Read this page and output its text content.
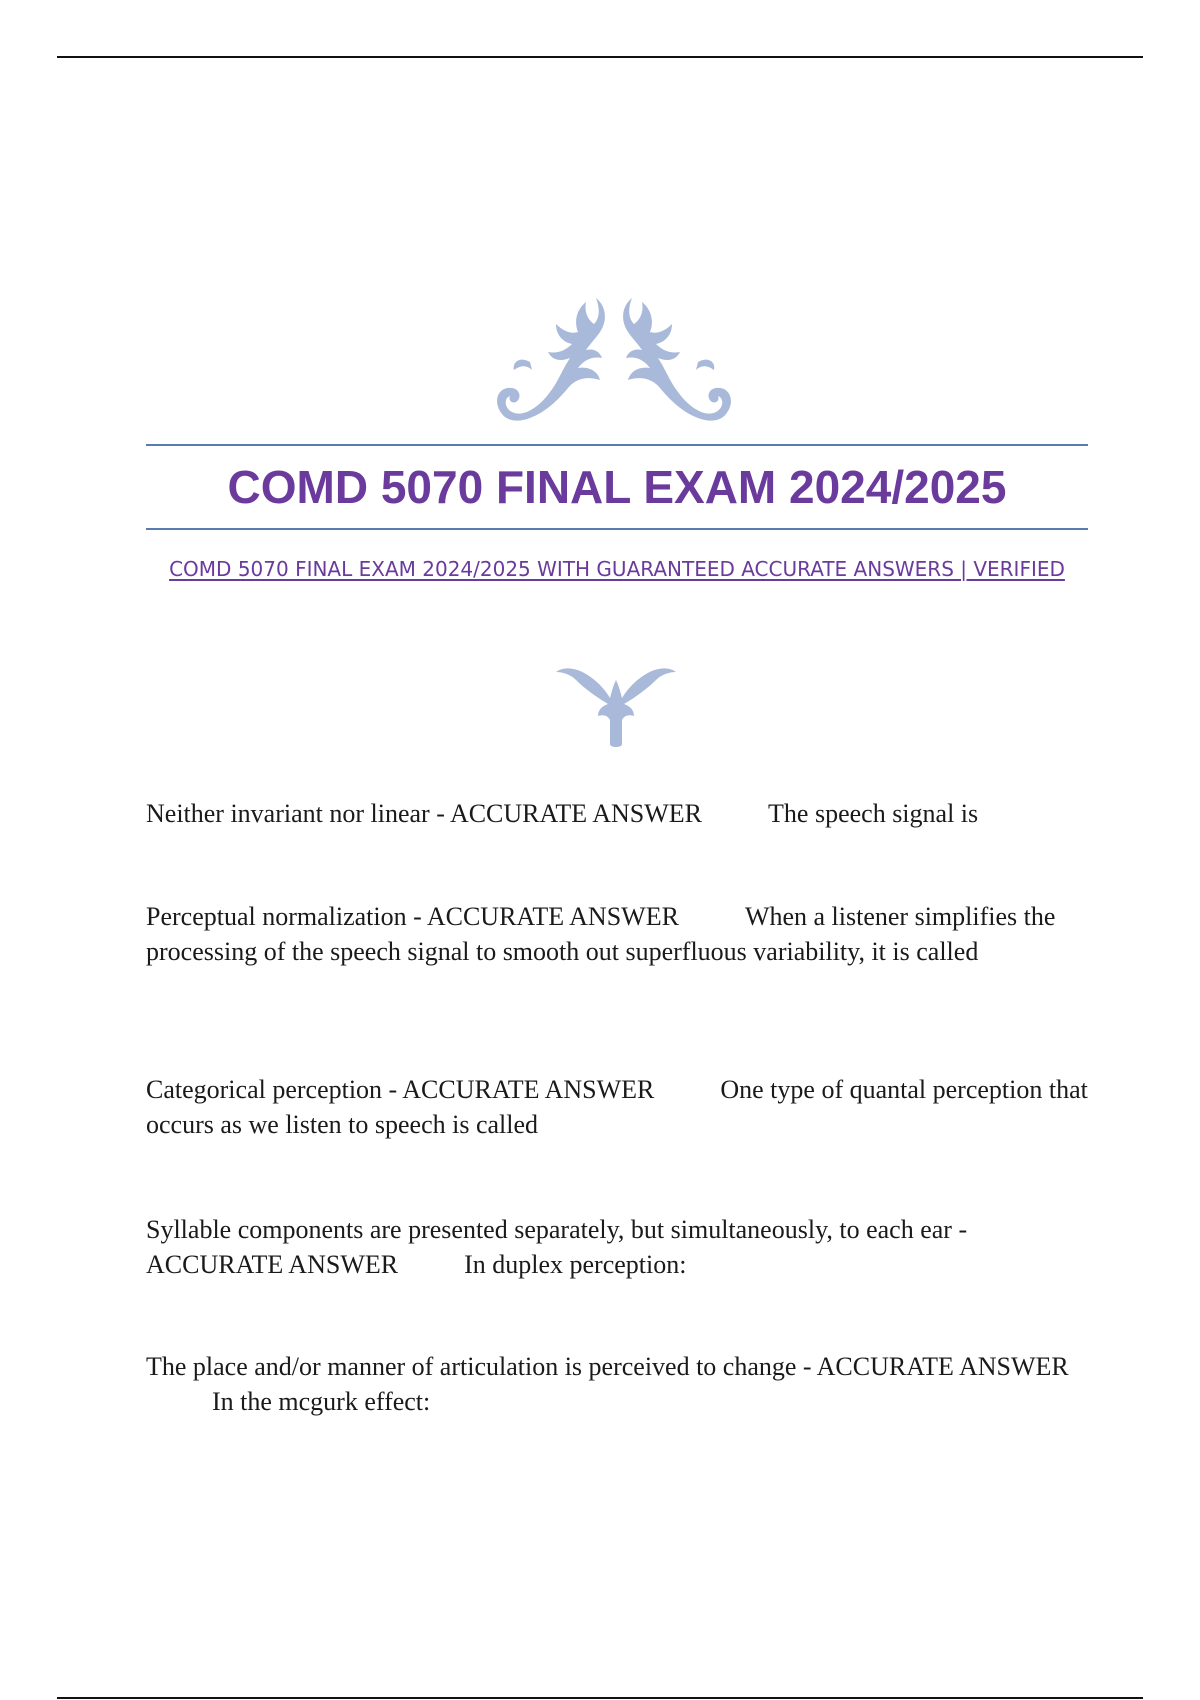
COMD 5070 FINAL EXAM 2024/2025

COMD 5070 FINAL EXAM 2024/2025 WITH GUARANTEED ACCURATE ANSWERS | VERIFIED

Neither invariant nor linear - ACCURATE ANSWER	The speech signal is

Perceptual normalization - ACCURATE ANSWER	When a listener simplifies the processing of the speech signal to smooth out superfluous variability, it is called

Categorical perception - ACCURATE ANSWER	One type of quantal perception that occurs as we listen to speech is called

Syllable components are presented separately, but simultaneously, to each ear - ACCURATE ANSWER	In duplex perception:

The place and/or manner of articulation is perceived to change - ACCURATE ANSWERIn the mcgurk effect:
